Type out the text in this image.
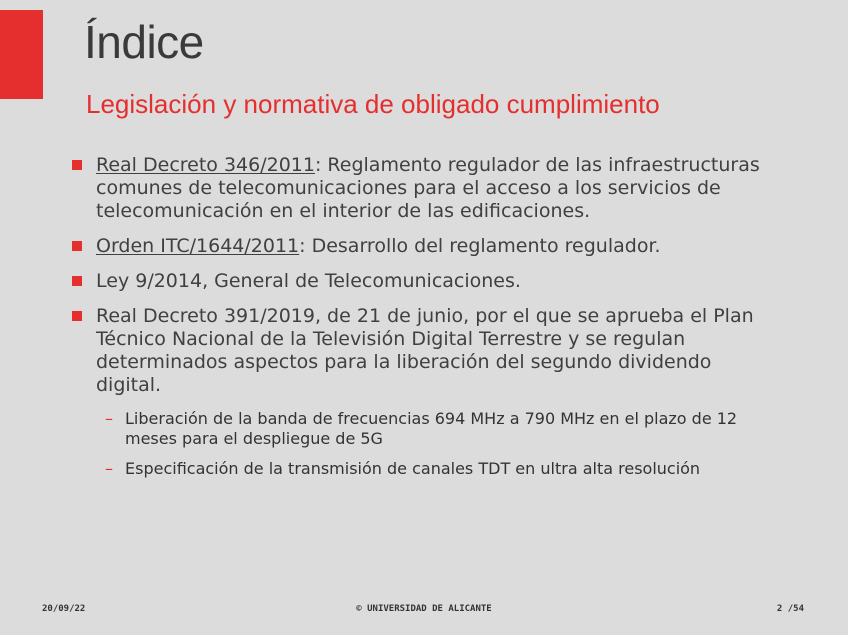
Índice
Legislación y normativa de obligado cumplimiento
Real Decreto 346/2011: Reglamento regulador de las infraestructuras comunes de telecomunicaciones para el acceso a los servicios de telecomunicación en el interior de las edificaciones.
Orden ITC/1644/2011: Desarrollo del reglamento regulador.
Ley 9/2014, General de Telecomunicaciones.
Real Decreto 391/2019, de 21 de junio, por el que se aprueba el Plan Técnico Nacional de la Televisión Digital Terrestre y se regulan determinados aspectos para la liberación del segundo dividendo digital.
– Liberación de la banda de frecuencias 694 MHz a 790 MHz en el plazo de 12 meses para el despliegue de 5G
– Especificación de la transmisión de canales TDT en ultra alta resolución
20/09/22	© UNIVERSIDAD DE ALICANTE	2 /54
